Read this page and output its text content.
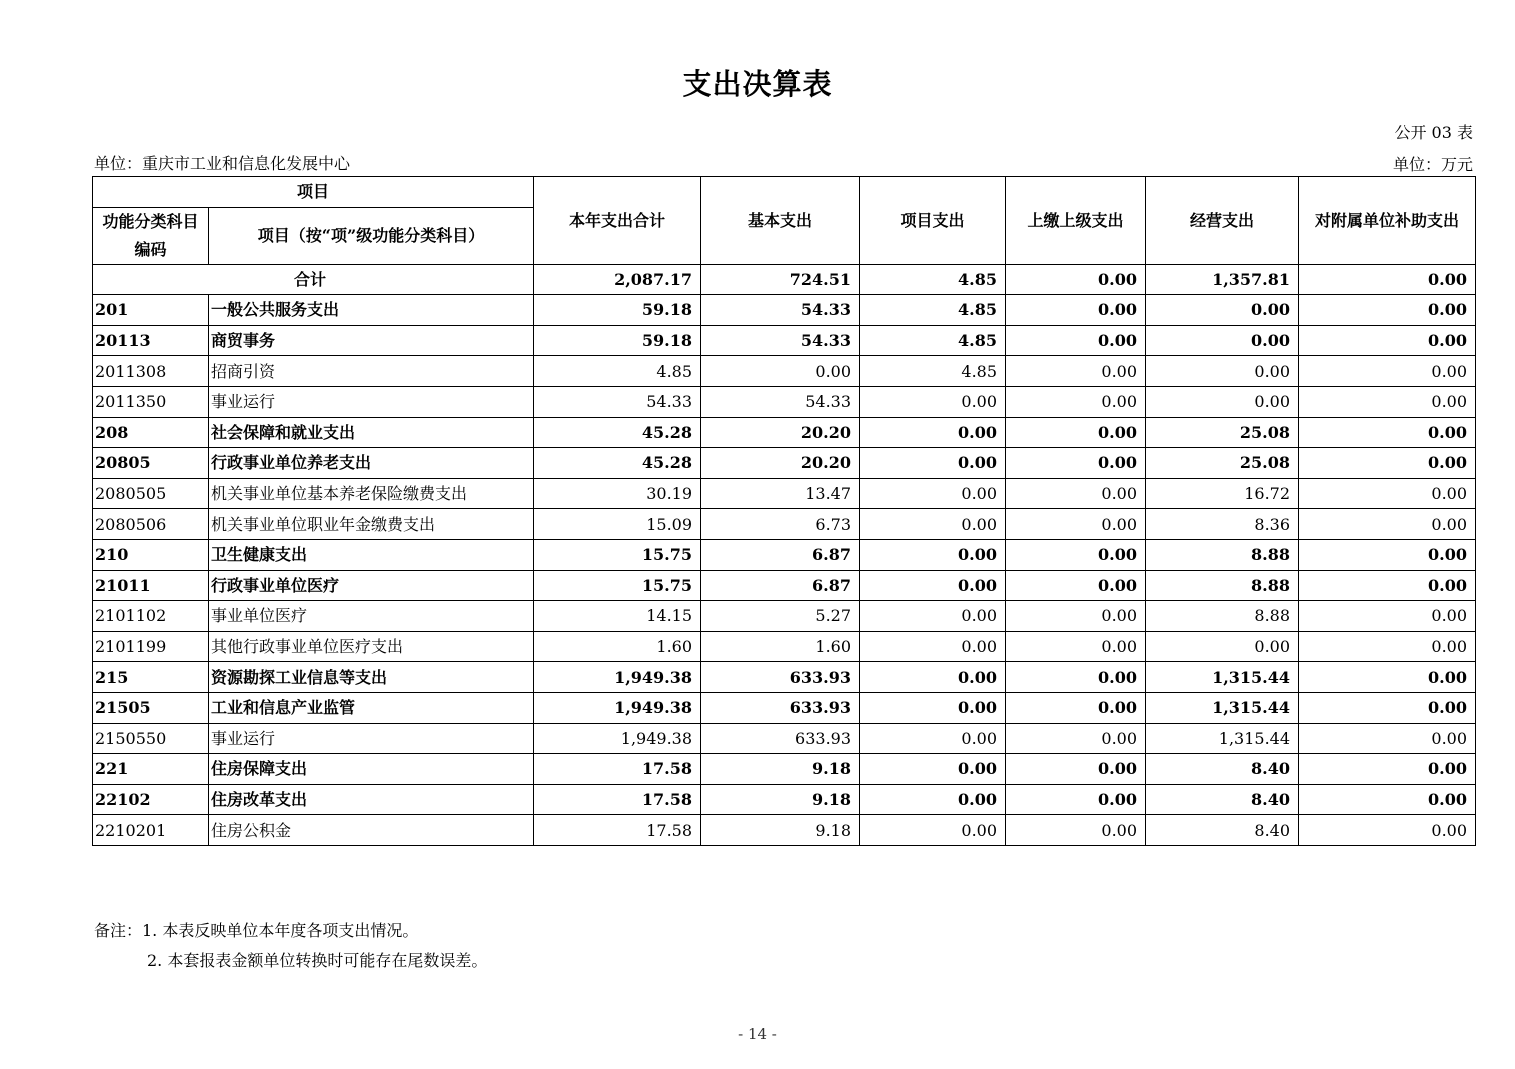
支出决算表
公开 03 表
单位：重庆市工业和信息化发展中心	单位：万元
项目		本年支出合计	基本支出	项目支出	上缴上级支出	经营支出	对附属单位补助支出
功能分类科目编码	项目（按“项”级功能分类科目）						
合计		2,087.17	724.51	4.85	0.00	1,357.81	0.00
201	一般公共服务支出	59.18	54.33	4.85	0.00	0.00	0.00
20113	商贸事务	59.18	54.33	4.85	0.00	0.00	0.00
2011308	招商引资	4.85	0.00	4.85	0.00	0.00	0.00
2011350	事业运行	54.33	54.33	0.00	0.00	0.00	0.00
208	社会保障和就业支出	45.28	20.20	0.00	0.00	25.08	0.00
20805	行政事业单位养老支出	45.28	20.20	0.00	0.00	25.08	0.00
2080505	机关事业单位基本养老保险缴费支出	30.19	13.47	0.00	0.00	16.72	0.00
2080506	机关事业单位职业年金缴费支出	15.09	6.73	0.00	0.00	8.36	0.00
210	卫生健康支出	15.75	6.87	0.00	0.00	8.88	0.00
21011	行政事业单位医疗	15.75	6.87	0.00	0.00	8.88	0.00
2101102	事业单位医疗	14.15	5.27	0.00	0.00	8.88	0.00
2101199	其他行政事业单位医疗支出	1.60	1.60	0.00	0.00	0.00	0.00
215	资源勘探工业信息等支出	1,949.38	633.93	0.00	0.00	1,315.44	0.00
21505	工业和信息产业监管	1,949.38	633.93	0.00	0.00	1,315.44	0.00
2150550	事业运行	1,949.38	633.93	0.00	0.00	1,315.44	0.00
221	住房保障支出	17.58	9.18	0.00	0.00	8.40	0.00
22102	住房改革支出	17.58	9.18	0.00	0.00	8.40	0.00
2210201	住房公积金	17.58	9.18	0.00	0.00	8.40	0.00
备注：1. 本表反映单位本年度各项支出情况。
2. 本套报表金额单位转换时可能存在尾数误差。
- 14 -
